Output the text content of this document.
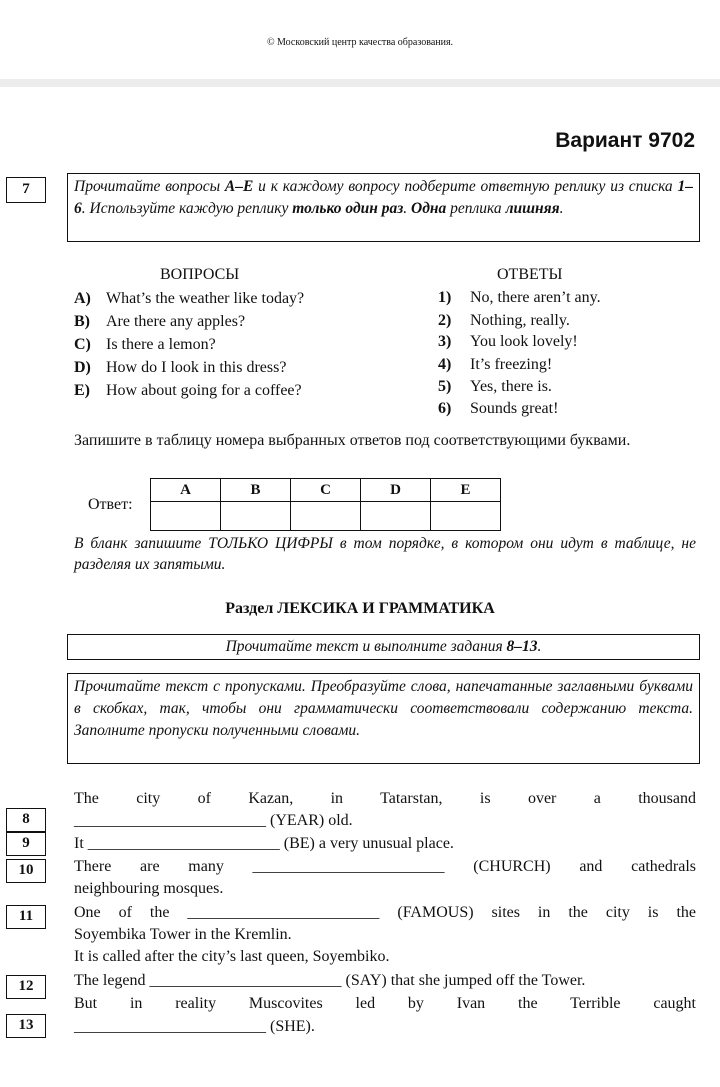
© Московский центр качества образования.
Вариант 9702
7	Прочитайте вопросы А–Е и к каждому вопросу подберите ответную реплику из списка 1–6. Используйте каждую реплику только один раз. Одна реплика лишняя.
ВОПРОСЫ	ОТВЕТЫ
A) What’s the weather like today?
B) Are there any apples?
C) Is there a lemon?
D) How do I look in this dress?
E) How about going for a coffee?
1) No, there aren’t any.
2) Nothing, really.
3) You look lovely!
4) It’s freezing!
5) Yes, there is.
6) Sounds great!
Запишите в таблицу номера выбранных ответов под соответствующими буквами.
Ответ:
А	B	C	D	E

В бланк запишите ТОЛЬКО ЦИФРЫ в том порядке, в котором они идут в таблице, не разделяя их запятыми.
Раздел ЛЕКСИКА И ГРАММАТИКА
Прочитайте текст и выполните задания 8–13.
Прочитайте текст с пропусками. Преобразуйте слова, напечатанные заглавными буквами в скобках, так, чтобы они грамматически соответствовали содержанию текста. Заполните пропуски полученными словами.
The city of Kazan, in Tatarstan, is over a thousand
________________________ (YEAR) old.
It ________________________ (BE) a very unusual place.
There are many ________________________ (CHURCH) and cathedrals
neighbouring mosques.
One of the ________________________ (FAMOUS) sites in the city is the
Soyembika Tower in the Kremlin.
It is called after the city’s last queen, Soyembiko.
The legend ________________________ (SAY) that she jumped off the Tower.
But in reality Muscovites led by Ivan the Terrible caught
________________________ (SHE).
8
9
10
11
12
13
